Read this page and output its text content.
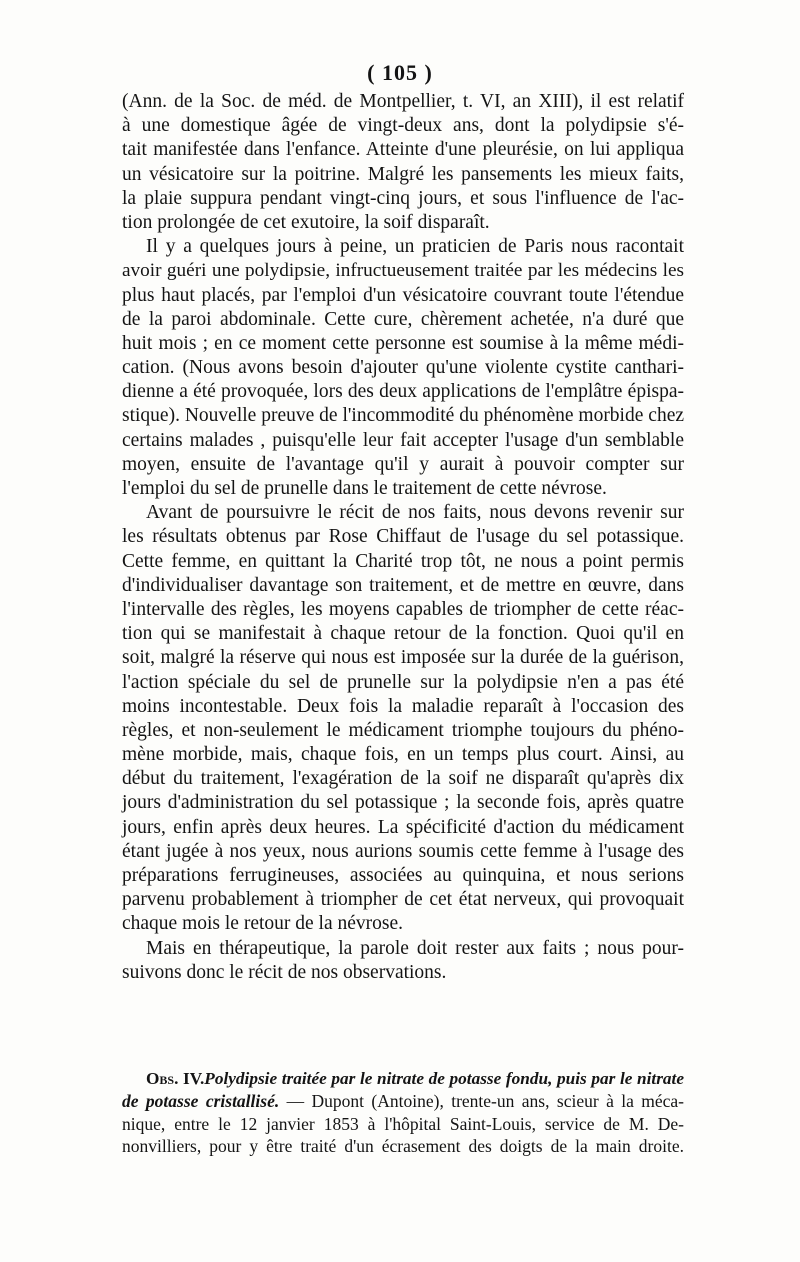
( 105 )
(Ann. de la Soc. de méd. de Montpellier, t. VI, an XIII), il est relatif
à une domestique âgée de vingt-deux ans, dont la polydipsie s'é-
tait manifestée dans l'enfance. Atteinte d'une pleurésie, on lui appliqua
un vésicatoire sur la poitrine. Malgré les pansements les mieux faits,
la plaie suppura pendant vingt-cinq jours, et sous l'influence de l'ac-
tion prolongée de cet exutoire, la soif disparaît.
Il y a quelques jours à peine, un praticien de Paris nous racontait
avoir guéri une polydipsie, infructueusement traitée par les médecins les
plus haut placés, par l'emploi d'un vésicatoire couvrant toute l'étendue
de la paroi abdominale. Cette cure, chèrement achetée, n'a duré que
huit mois ; en ce moment cette personne est soumise à la même médi-
cation. (Nous avons besoin d'ajouter qu'une violente cystite canthari-
dienne a été provoquée, lors des deux applications de l'emplâtre épispa-
stique). Nouvelle preuve de l'incommodité du phénomène morbide chez
certains malades , puisqu'elle leur fait accepter l'usage d'un semblable
moyen, ensuite de l'avantage qu'il y aurait à pouvoir compter sur
l'emploi du sel de prunelle dans le traitement de cette névrose.
Avant de poursuivre le récit de nos faits, nous devons revenir sur
les résultats obtenus par Rose Chiffaut de l'usage du sel potassique.
Cette femme, en quittant la Charité trop tôt, ne nous a point permis
d'individualiser davantage son traitement, et de mettre en œuvre, dans
l'intervalle des règles, les moyens capables de triompher de cette réac-
tion qui se manifestait à chaque retour de la fonction. Quoi qu'il en
soit, malgré la réserve qui nous est imposée sur la durée de la guérison,
l'action spéciale du sel de prunelle sur la polydipsie n'en a pas été
moins incontestable. Deux fois la maladie reparaît à l'occasion des
règles, et non-seulement le médicament triomphe toujours du phéno-
mène morbide, mais, chaque fois, en un temps plus court. Ainsi, au
début du traitement, l'exagération de la soif ne disparaît qu'après dix
jours d'administration du sel potassique ; la seconde fois, après quatre
jours, enfin après deux heures. La spécificité d'action du médicament
étant jugée à nos yeux, nous aurions soumis cette femme à l'usage des
préparations ferrugineuses, associées au quinquina, et nous serions
parvenu probablement à triompher de cet état nerveux, qui provoquait
chaque mois le retour de la névrose.
Mais en thérapeutique, la parole doit rester aux faits ; nous pour-
suivons donc le récit de nos observations.
Obs. IV.Polydipsie traitée par le nitrate de potasse fondu, puis par le nitrate
de potasse cristallisé. — Dupont (Antoine), trente-un ans, scieur à la méca-
nique, entre le 12 janvier 1853 à l'hôpital Saint-Louis, service de M. De-
nonvilliers, pour y être traité d'un écrasement des doigts de la main droite.
